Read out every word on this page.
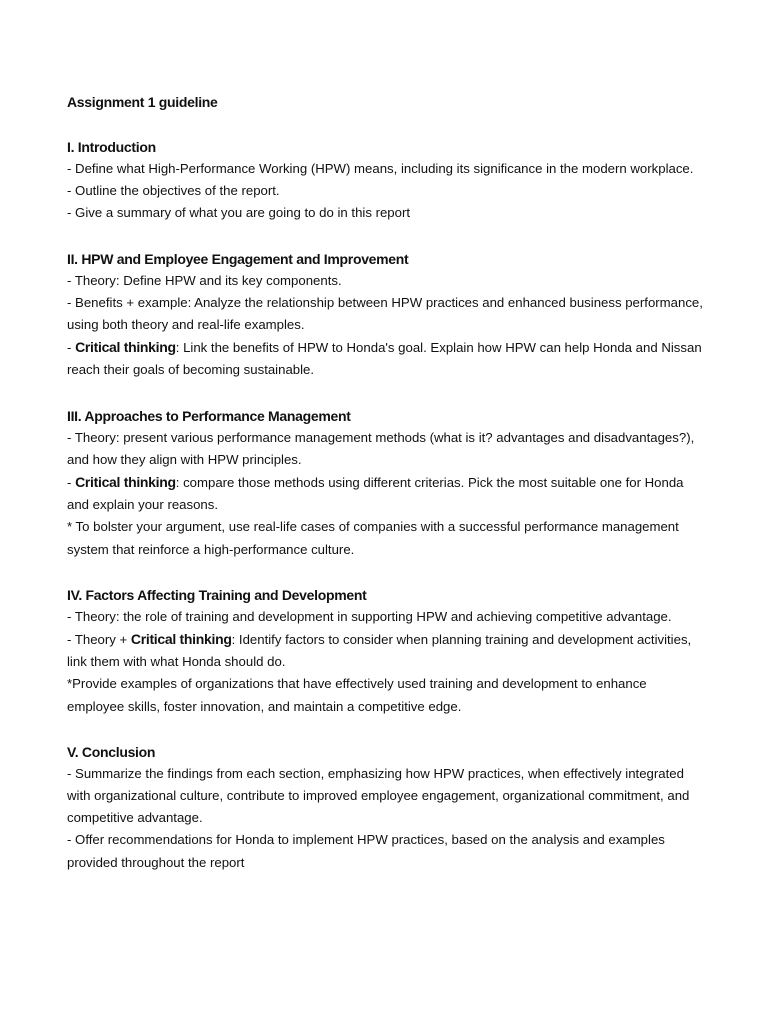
Assignment 1 guideline
I. Introduction

- Define what High-Performance Working (HPW) means, including its significance in the modern workplace.

- Outline the objectives of the report.

- Give a summary of what you are going to do in this report

II. HPW and Employee Engagement and Improvement

- Theory: Define HPW and its key components.

- Benefits + example: Analyze the relationship between HPW practices and enhanced business performance, using both theory and real-life examples.

- Critical thinking: Link the benefits of HPW to Honda's goal. Explain how HPW can help Honda and Nissan reach their goals of becoming sustainable.

III. Approaches to Performance Management

- Theory: present various performance management methods (what is it? advantages and disadvantages?), and how they align with HPW principles.

- Critical thinking: compare those methods using different criterias. Pick the most suitable one for Honda and explain your reasons.

* To bolster your argument, use real-life cases of companies with a successful performance management system that reinforce a high-performance culture.

IV. Factors Affecting Training and Development

- Theory: the role of training and development in supporting HPW and achieving competitive advantage.

- Theory + Critical thinking: Identify factors to consider when planning training and development activities, link them with what Honda should do.

*Provide examples of organizations that have effectively used training and development to enhance employee skills, foster innovation, and maintain a competitive edge.

V. Conclusion

- Summarize the findings from each section, emphasizing how HPW practices, when effectively integrated with organizational culture, contribute to improved employee engagement, organizational commitment, and competitive advantage.

- Offer recommendations for Honda to implement HPW practices, based on the analysis and examples provided throughout the report
